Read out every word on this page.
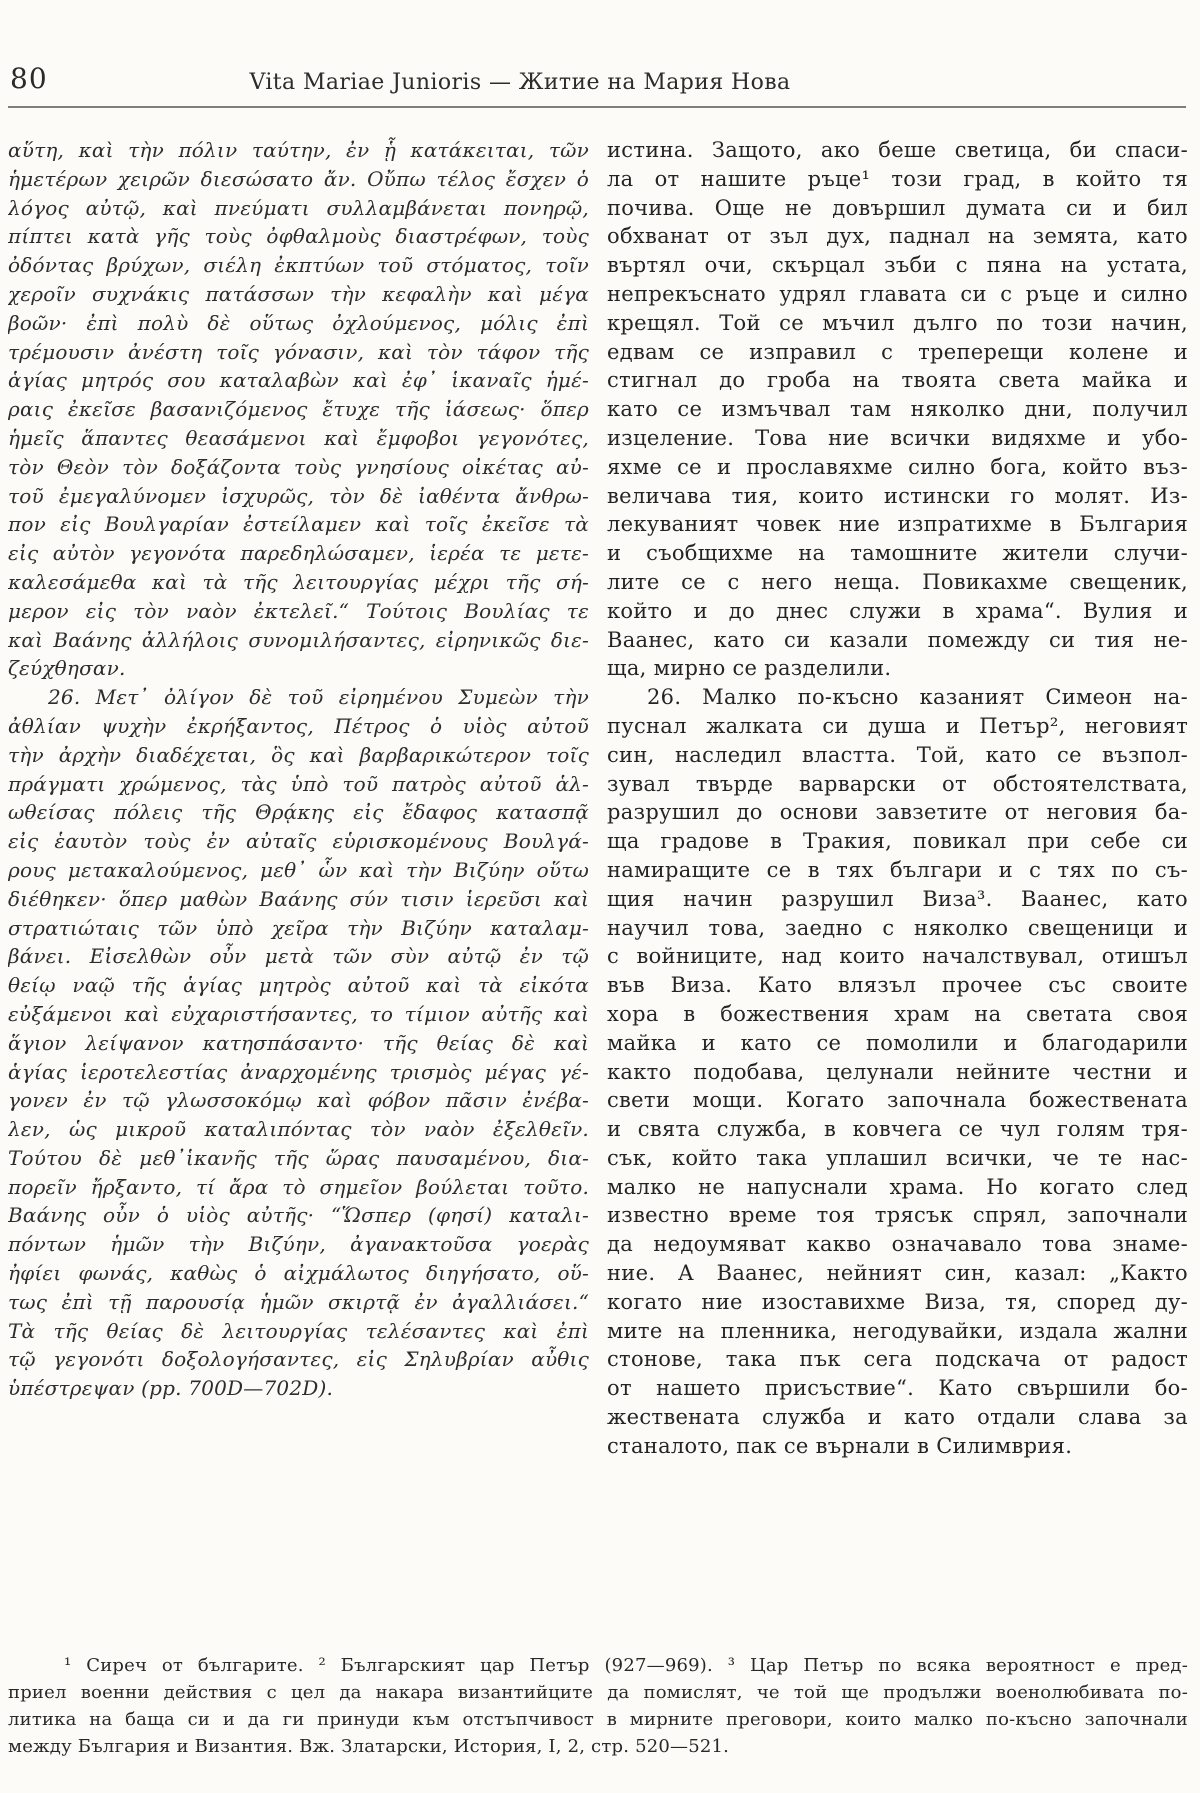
80	Vita Mariae Junioris — Житие на Мария Нова
αὕτη, καὶ τὴν πόλιν ταύτην, ἐν ᾗ κατάκειται, τῶν
ἡμετέρων χειρῶν διεσώσατο ἄν. Οὔπω τέλος ἔσχεν ὁ
λόγος αὐτῷ, καὶ πνεύματι συλλαμβάνεται πονηρῷ,
πίπτει κατὰ γῆς τοὺς ὀφθαλμοὺς διαστρέφων, τοὺς
ὀδόντας βρύχων, σιέλη ἐκπτύων τοῦ στόματος, τοῖν
χεροῖν συχνάκις πατάσσων τὴν κεφαλὴν καὶ μέγα
βοῶν· ἐπὶ πολὺ δὲ οὕτως ὀχλούμενος, μόλις ἐπὶ
τρέμουσιν ἀνέστη τοῖς γόνασιν, καὶ τὸν τάφον τῆς
ἁγίας μητρός σου καταλαβὼν καὶ ἐφ᾽ ἱκαναῖς ἡμέ-
ραις ἐκεῖσε βασανιζόμενος ἔτυχε τῆς ἰάσεως· ὅπερ
ἡμεῖς ἅπαντες θεασάμενοι καὶ ἔμφοβοι γεγονότες,
τὸν Θεὸν τὸν δοξάζοντα τοὺς γνησίους οἰκέτας αὐ-
τοῦ ἐμεγαλύνομεν ἰσχυρῶς, τὸν δὲ ἰαθέντα ἄνθρω-
πον εἰς Βουλγαρίαν ἐστείλαμεν καὶ τοῖς ἐκεῖσε τὰ
εἰς αὐτὸν γεγονότα παρεδηλώσαμεν, ἱερέα τε μετε-
καλεσάμεθα καὶ τὰ τῆς λειτουργίας μέχρι τῆς σή-
μερον εἰς τὸν ναὸν ἐκτελεῖ.“ Τούτοις Βουλίας τε
καὶ Βαάνης ἀλλήλοις συνομιλήσαντες, εἰρηνικῶς διε-
ζεύχθησαν.
26. Μετ᾽ ὀλίγον δὲ τοῦ εἰρημένου Συμεὼν τὴν
ἀθλίαν ψυχὴν ἐκρήξαντος, Πέτρος ὁ υἱὸς αὐτοῦ
τὴν ἀρχὴν διαδέχεται, ὃς καὶ βαρβαρικώτερον τοῖς
πράγματι χρώμενος, τὰς ὑπὸ τοῦ πατρὸς αὐτοῦ ἁλ-
ωθείσας πόλεις τῆς Θρᾴκης εἰς ἔδαφος κατασπᾷ
εἰς ἑαυτὸν τοὺς ἐν αὐταῖς εὑρισκομένους Βουλγά-
ρους μετακαλούμενος, μεθ᾽ ὧν καὶ τὴν Βιζύην οὕτω
διέθηκεν· ὅπερ μαθὼν Βαάνης σύν τισιν ἱερεῦσι καὶ
στρατιώταις τῶν ὑπὸ χεῖρα τὴν Βιζύην καταλαμ-
βάνει. Εἰσελθὼν οὖν μετὰ τῶν σὺν αὐτῷ ἐν τῷ
θείῳ ναῷ τῆς ἁγίας μητρὸς αὐτοῦ καὶ τὰ εἰκότα
εὐξάμενοι καὶ εὐχαριστήσαντες, το τίμιον αὐτῆς καὶ
ἅγιον λείψανον κατησπάσαντο· τῆς θείας δὲ καὶ
ἁγίας ἱεροτελεστίας ἀναρχομένης τρισμὸς μέγας γέ-
γονεν ἐν τῷ γλωσσοκόμῳ καὶ φόβον πᾶσιν ἐνέβα-
λεν, ὡς μικροῦ καταλιπόντας τὸν ναὸν ἐξελθεῖν.
Τούτου δὲ μεθ᾽ἱκανῆς τῆς ὥρας παυσαμένου, δια-
πορεῖν ἤρξαντο, τί ἄρα τὸ σημεῖον βούλεται τοῦτο.
Βαάνης οὖν ὁ υἱὸς αὐτῆς· “Ὥσπερ (φησί) καταλι-
πόντων ἡμῶν τὴν Βιζύην, ἀγανακτοῦσα γοερὰς
ἠφίει φωνάς, καθὼς ὁ αἰχμάλωτος διηγήσατο, οὕ-
τως ἐπὶ τῇ παρουσίᾳ ἡμῶν σκιρτᾷ ἐν ἀγαλλιάσει.“
Τὰ τῆς θείας δὲ λειτουργίας τελέσαντες καὶ ἐπὶ
τῷ γεγονότι δοξολογήσαντες, εἰς Σηλυβρίαν αὖθις
ὑπέστρεψαν (pp. 700D—702D).
истина. Защото, ако беше светица, би спаси-
ла от нашите ръце¹ този град, в който тя
почива. Още не довършил думата си и бил
обхванат от зъл дух, паднал на земята, като
въртял очи, скърцал зъби с пяна на устата,
непрекъснато удрял главата си с ръце и силно
крещял. Той се мъчил дълго по този начин,
едвам се изправил с треперещи колене и
стигнал до гроба на твоята света майка и
като се измъчвал там няколко дни, получил
изцеление. Това ние всички видяхме и убо-
яхме се и прославяхме силно бога, който въз-
величава тия, които истински го молят. Из-
лекуваният човек ние изпратихме в България
и съобщихме на тамошните жители случи-
лите се с него неща. Повикахме свещеник,
който и до днес служи в храма“. Вулия и
Ваанес, като си казали помежду си тия не-
ща, мирно се разделили.
26. Малко по-късно казаният Симеон на-
пуснал жалката си душа и Петър², неговият
син, наследил властта. Той, като се възпол-
зувал твърде варварски от обстоятелствата,
разрушил до основи завзетите от неговия ба-
ща градове в Тракия, повикал при себе си
намиращите се в тях българи и с тях по съ-
щия начин разрушил Виза³. Ваанес, като
научил това, заедно с няколко свещеници и
с войниците, над които началствувал, отишъл
във Виза. Като влязъл прочее със своите
хора в божествения храм на светата своя
майка и като се помолили и благодарили
както подобава, целунали нейните честни и
свети мощи. Когато започнала божествената
и свята служба, в ковчега се чул голям тря-
сък, който така уплашил всички, че те нас-
малко не напуснали храма. Но когато след
известно време тоя трясък спрял, започнали
да недоумяват какво означавало това знаме-
ние. А Ваанес, нейният син, казал: „Както
когато ние изоставихме Виза, тя, според ду-
мите на пленника, негодувайки, издала жални
стонове, така пък сега подскача от радост
от нашето присъствие“. Като свършили бо-
жествената служба и като отдали слава за
станалото, пак се върнали в Силимврия.
¹ Сиреч от българите. ² Българският цар Петър (927—969). ³ Цар Петър по всяка вероятност е пред-
приел военни действия с цел да накара византийците да помислят, че той ще продължи военолюбивата по-
литика на баща си и да ги принуди към отстъпчивост в мирните преговори, които малко по-късно започнали
между България и Византия. Вж. Златарски, История, I, 2, стр. 520—521.
